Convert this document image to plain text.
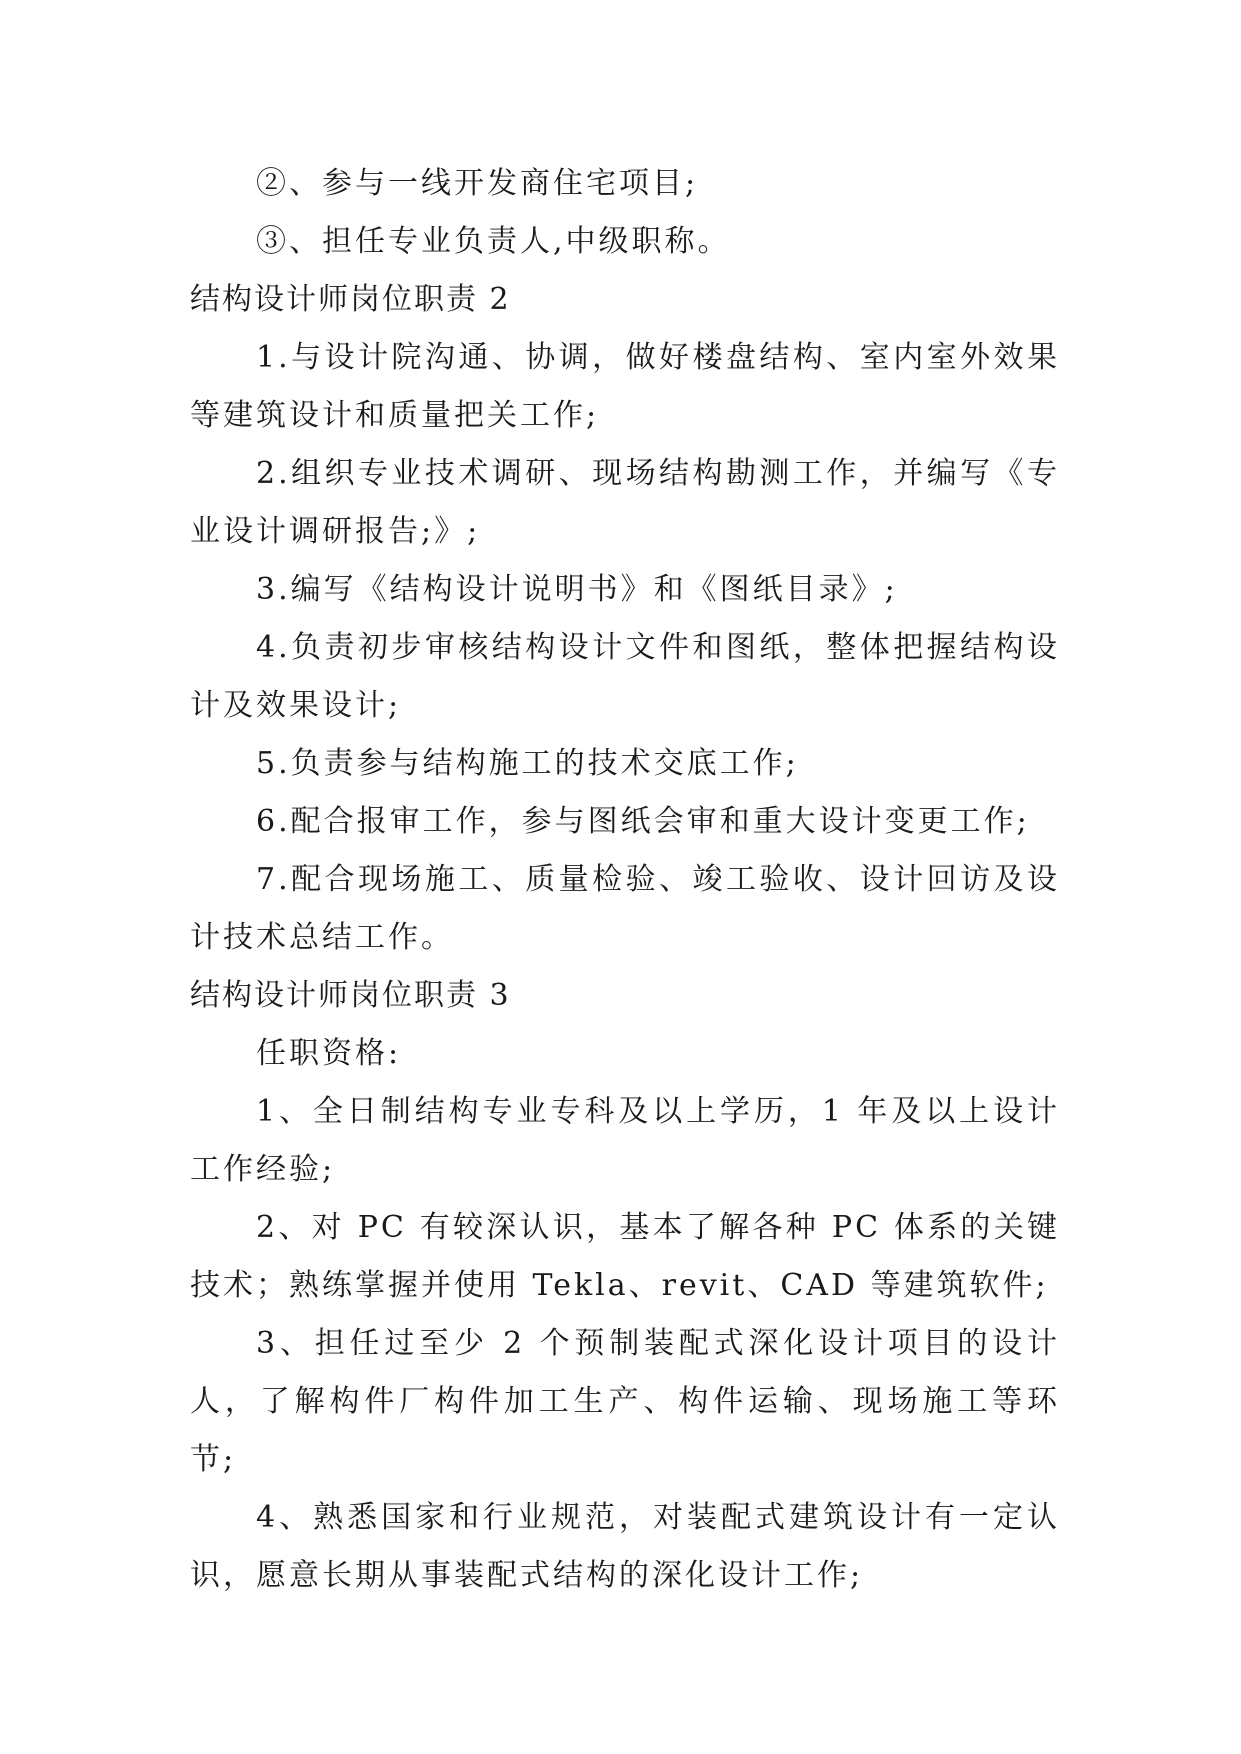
②、参与一线开发商住宅项目;

③、担任专业负责人,中级职称。

结构设计师岗位职责 2

1.与设计院沟通、协调，做好楼盘结构、室内室外效果等建筑设计和质量把关工作;

2.组织专业技术调研、现场结构勘测工作，并编写《专业设计调研报告;》;

3.编写《结构设计说明书》和《图纸目录》;

4.负责初步审核结构设计文件和图纸，整体把握结构设计及效果设计;

5.负责参与结构施工的技术交底工作;

6.配合报审工作，参与图纸会审和重大设计变更工作;

7.配合现场施工、质量检验、竣工验收、设计回访及设计技术总结工作。

结构设计师岗位职责 3

任职资格:

1、全日制结构专业专科及以上学历，1 年及以上设计工作经验;

2、对 PC 有较深认识，基本了解各种 PC 体系的关键技术；熟练掌握并使用 Tekla、revit、CAD 等建筑软件;

3、担任过至少 2 个预制装配式深化设计项目的设计人，了解构件厂构件加工生产、构件运输、现场施工等环节;

4、熟悉国家和行业规范，对装配式建筑设计有一定认识，愿意长期从事装配式结构的深化设计工作;
